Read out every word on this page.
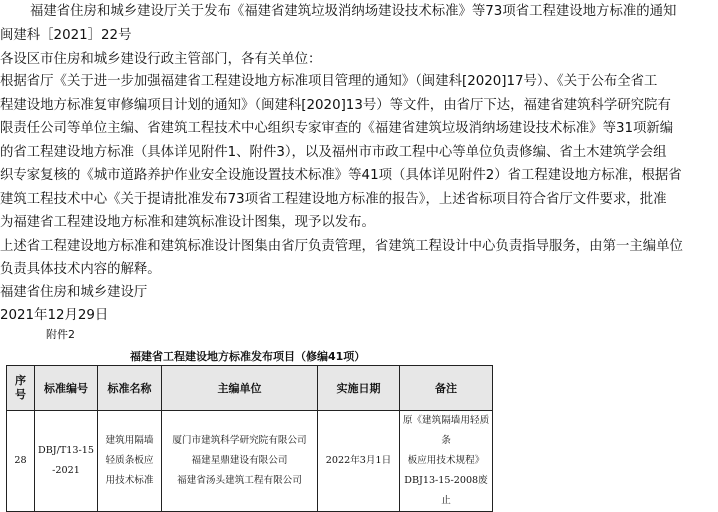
福建省住房和城乡建设厅关于发布《福建省建筑垃圾消纳场建设技术标准》等73项省工程建设地方标准的通知
闽建科［2021］22号
各设区市住房和城乡建设行政主管部门，各有关单位：
根据省厅《关于进一步加强福建省工程建设地方标准项目管理的通知》（闽建科[2020]17号）、《关于公布全省工
程建设地方标准复审修编项目计划的通知》（闽建科[2020]13号）等文件，由省厅下达，福建省建筑科学研究院有
限责任公司等单位主编、省建筑工程技术中心组织专家审查的《福建省建筑垃圾消纳场建设技术标准》等31项新编
的省工程建设地方标准（具体详见附件1、附件3），以及福州市市政工程中心等单位负责修编、省土木建筑学会组
织专家复核的《城市道路养护作业安全设施设置技术标准》等41项（具体详见附件2）省工程建设地方标准，根据省
建筑工程技术中心《关于提请批准发布73项省工程建设地方标准的报告》，上述省标项目符合省厅文件要求，批准
为福建省工程建设地方标准和建筑标准设计图集，现予以发布。
上述省工程建设地方标准和建筑标准设计图集由省厅负责管理，省建筑工程设计中心负责指导服务，由第一主编单位
负责具体技术内容的解释。
福建省住房和城乡建设厅
2021年12月29日
附件2
福建省工程建设地方标准发布项目（修编41项）
序号	标准编号	标准名称	主编单位	实施日期	备注
28	DBJ/T13-15
-2021	建筑用隔墙
轻质条板应
用技术标准	厦门市建筑科学研究院有限公司
福建星鼎建设有限公司
福建省汤头建筑工程有限公司	2022年3月1日	原《建筑隔墙用轻质条
板应用技术规程》
DBJ13-15-2008废止
